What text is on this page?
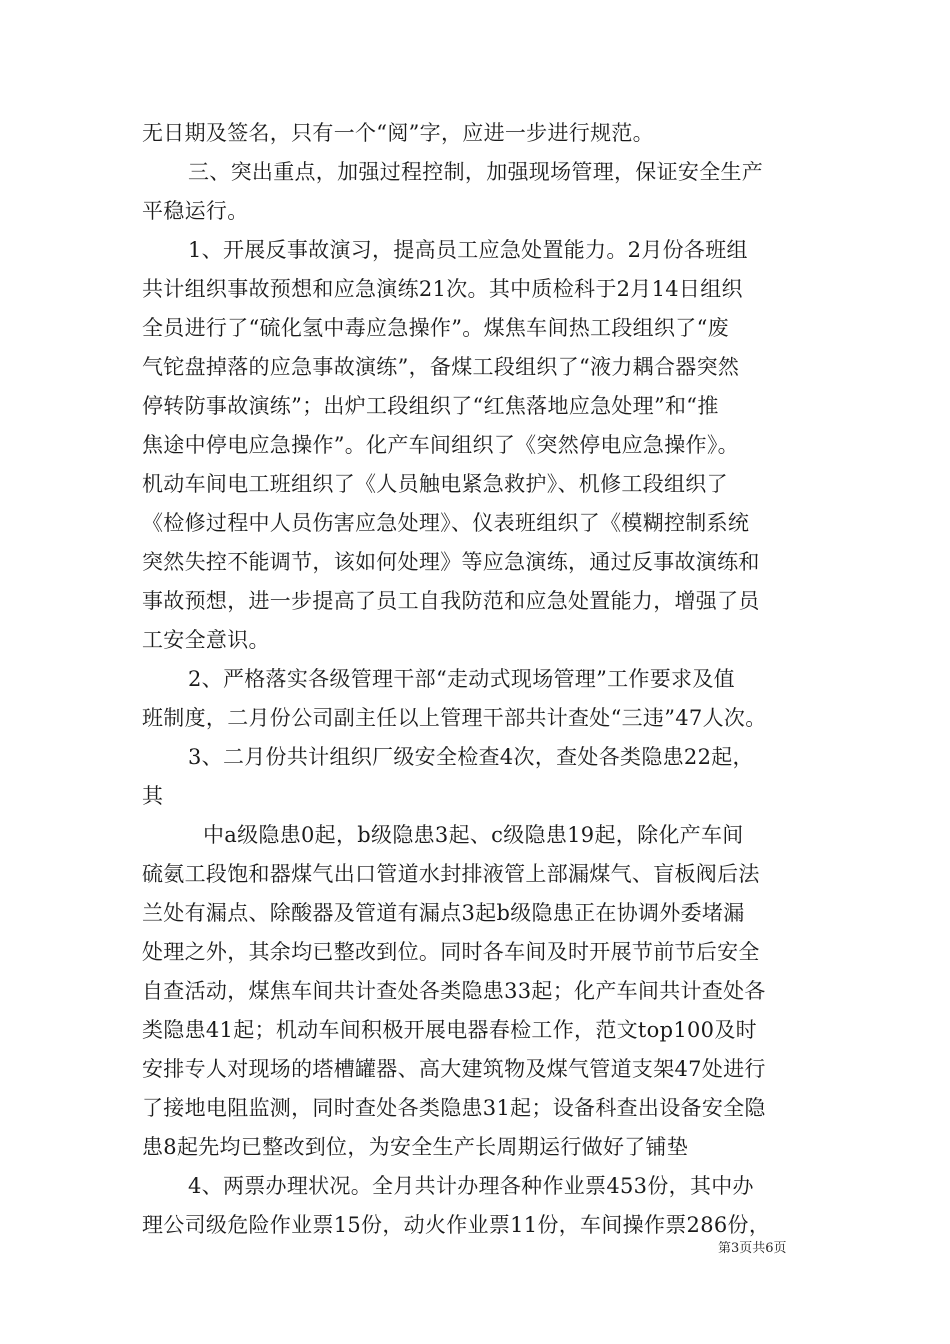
无日期及签名，只有一个“阅”字，应进一步进行规范。
三、突出重点，加强过程控制，加强现场管理，保证安全生产
平稳运行。
1、开展反事故演习，提高员工应急处置能力。2月份各班组
共计组织事故预想和应急演练21次。其中质检科于2月14日组织
全员进行了“硫化氢中毒应急操作”。煤焦车间热工段组织了“废
气铊盘掉落的应急事故演练”，备煤工段组织了“液力耦合器突然
停转防事故演练”；出炉工段组织了“红焦落地应急处理”和“推
焦途中停电应急操作”。化产车间组织了《突然停电应急操作》。
机动车间电工班组织了《人员触电紧急救护》、机修工段组织了
《检修过程中人员伤害应急处理》、仪表班组织了《模糊控制系统
突然失控不能调节，该如何处理》等应急演练，通过反事故演练和
事故预想，进一步提高了员工自我防范和应急处置能力，增强了员
工安全意识。
2、严格落实各级管理干部“走动式现场管理”工作要求及值
班制度，二月份公司副主任以上管理干部共计查处“三违”47人次。
3、二月份共计组织厂级安全检查4次，查处各类隐患22起，
其
中a级隐患0起，b级隐患3起、c级隐患19起，除化产车间
硫氨工段饱和器煤气出口管道水封排液管上部漏煤气、盲板阀后法
兰处有漏点、除酸器及管道有漏点3起b级隐患正在协调外委堵漏
处理之外，其余均已整改到位。同时各车间及时开展节前节后安全
自查活动，煤焦车间共计查处各类隐患33起；化产车间共计查处各
类隐患41起；机动车间积极开展电器春检工作，范文top100及时
安排专人对现场的塔槽罐器、高大建筑物及煤气管道支架47处进行
了接地电阻监测，同时查处各类隐患31起；设备科查出设备安全隐
患8起先均已整改到位，为安全生产长周期运行做好了铺垫
4、两票办理状况。全月共计办理各种作业票453份，其中办
理公司级危险作业票15份，动火作业票11份，车间操作票286份，
第3页共6页
